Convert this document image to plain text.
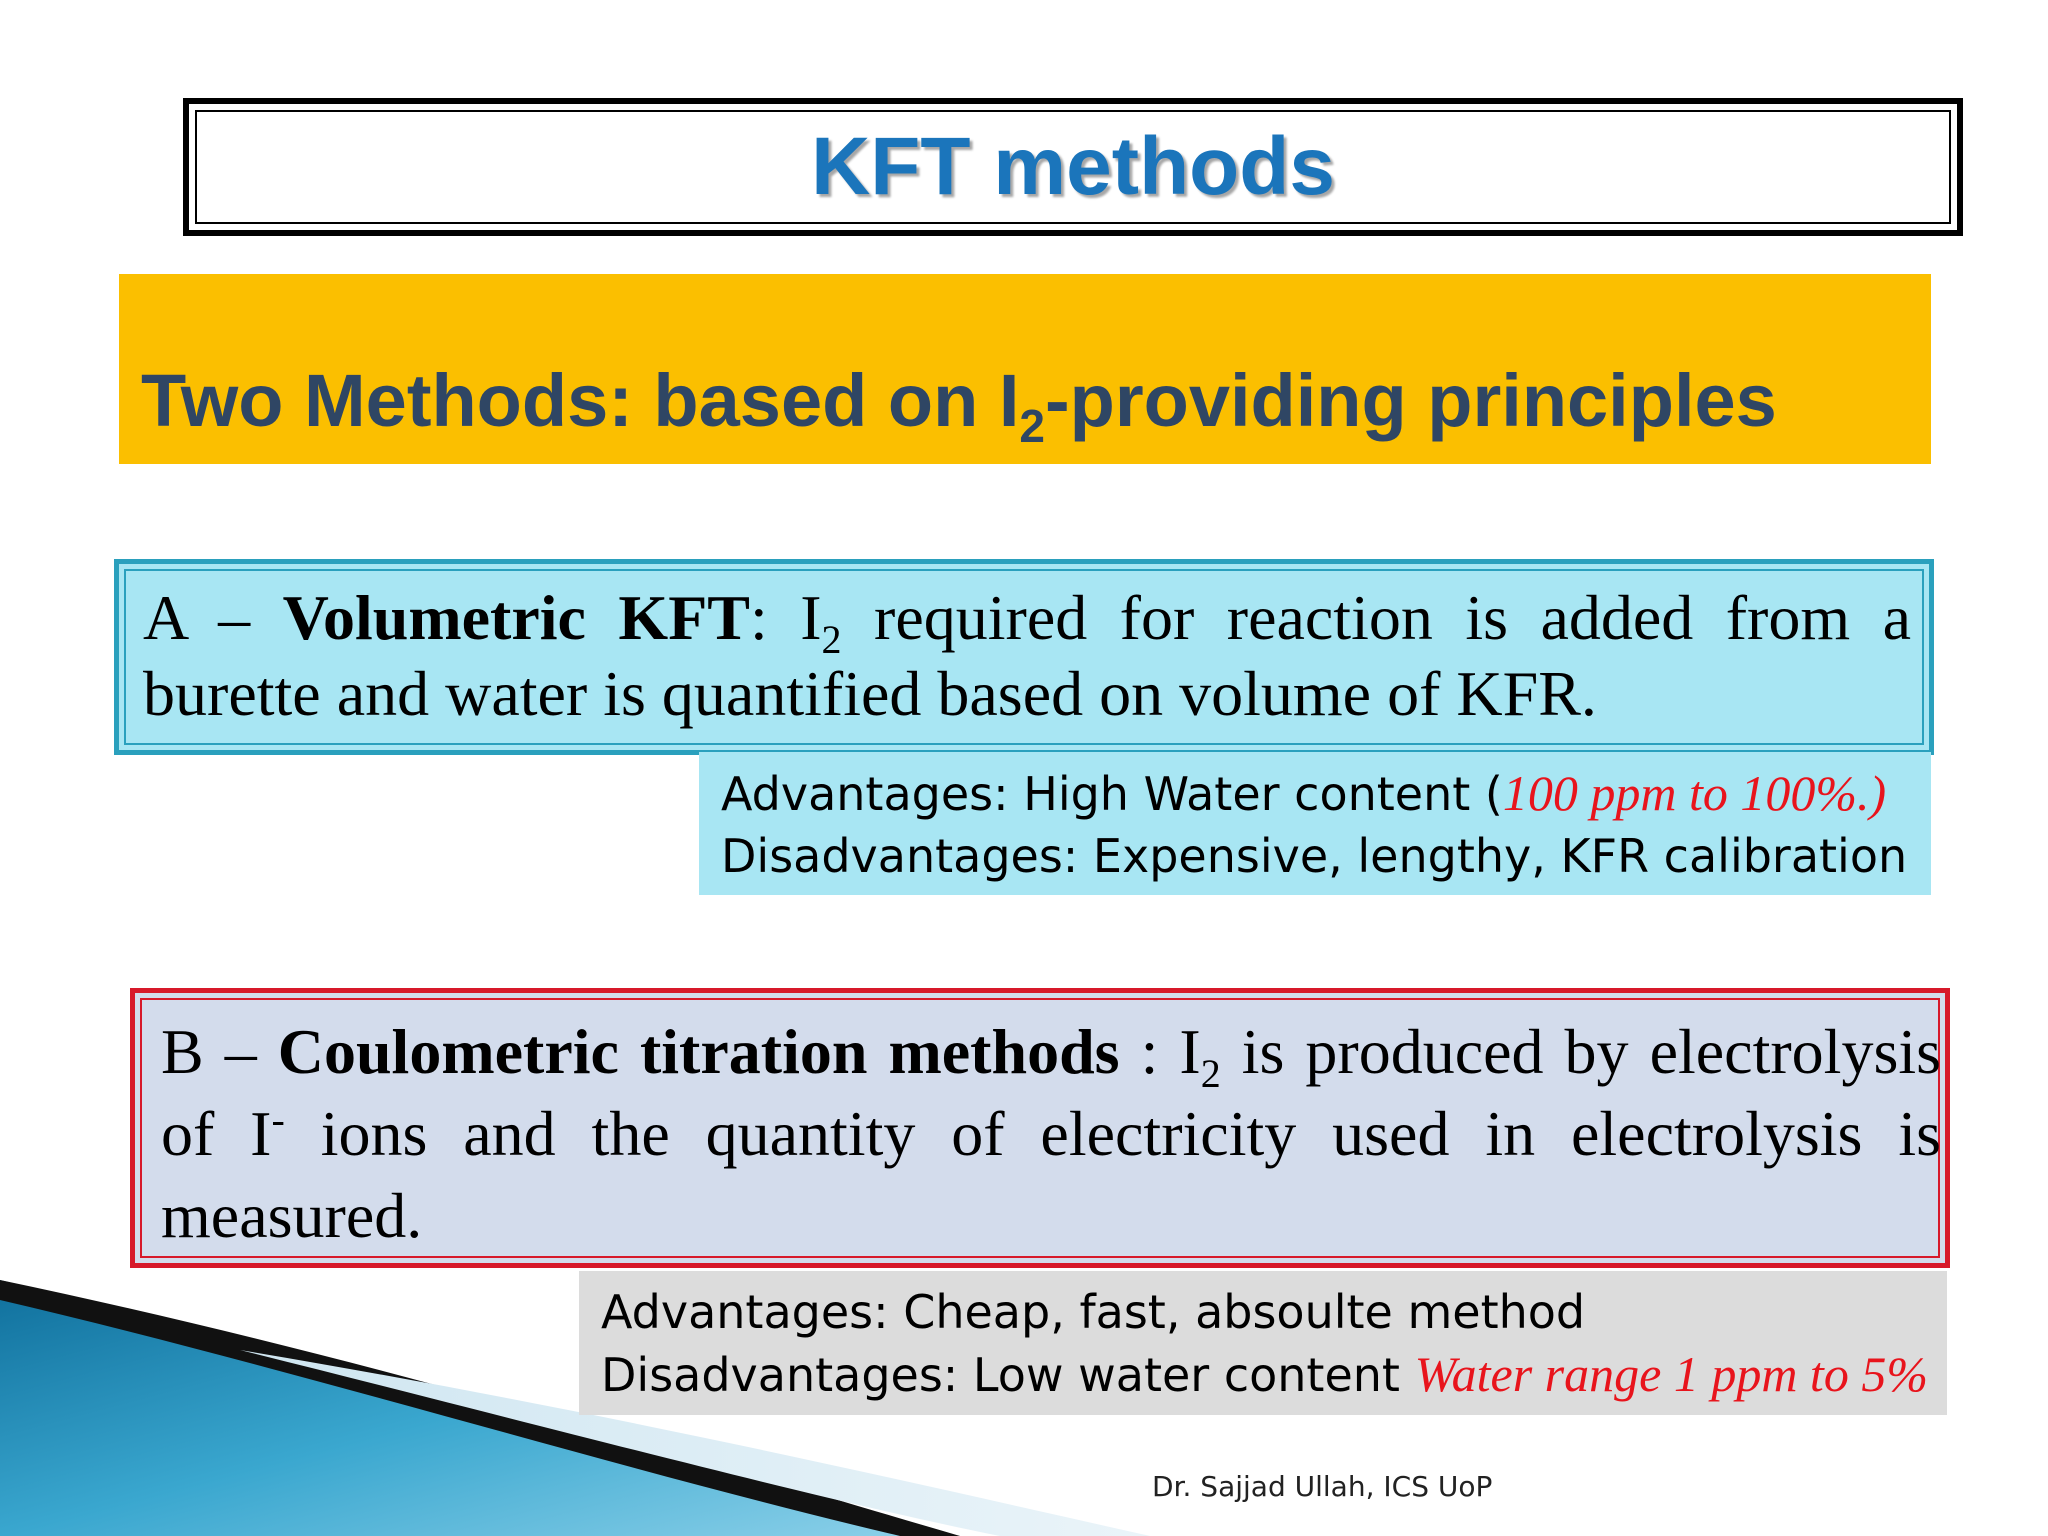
KFT methods
Two Methods: based on $I_2$-providing principles
A – Volumetric KFT: $I_2$ required for reaction is added from a burette and water is quantified based on volume of KFR.
Advantages: High Water content (100 ppm to 100%.)
Disadvantages: Expensive, lengthy, KFR calibration
B – Coulometric titration methods : $I_2$ is produced by electrolysis of I- ions and the quantity of electricity used in electrolysis is measured.
Advantages: Cheap, fast, absoulte method
Disadvantages: Low water content Water range 1 ppm to 5%
Dr. Sajjad Ullah, ICS UoP
